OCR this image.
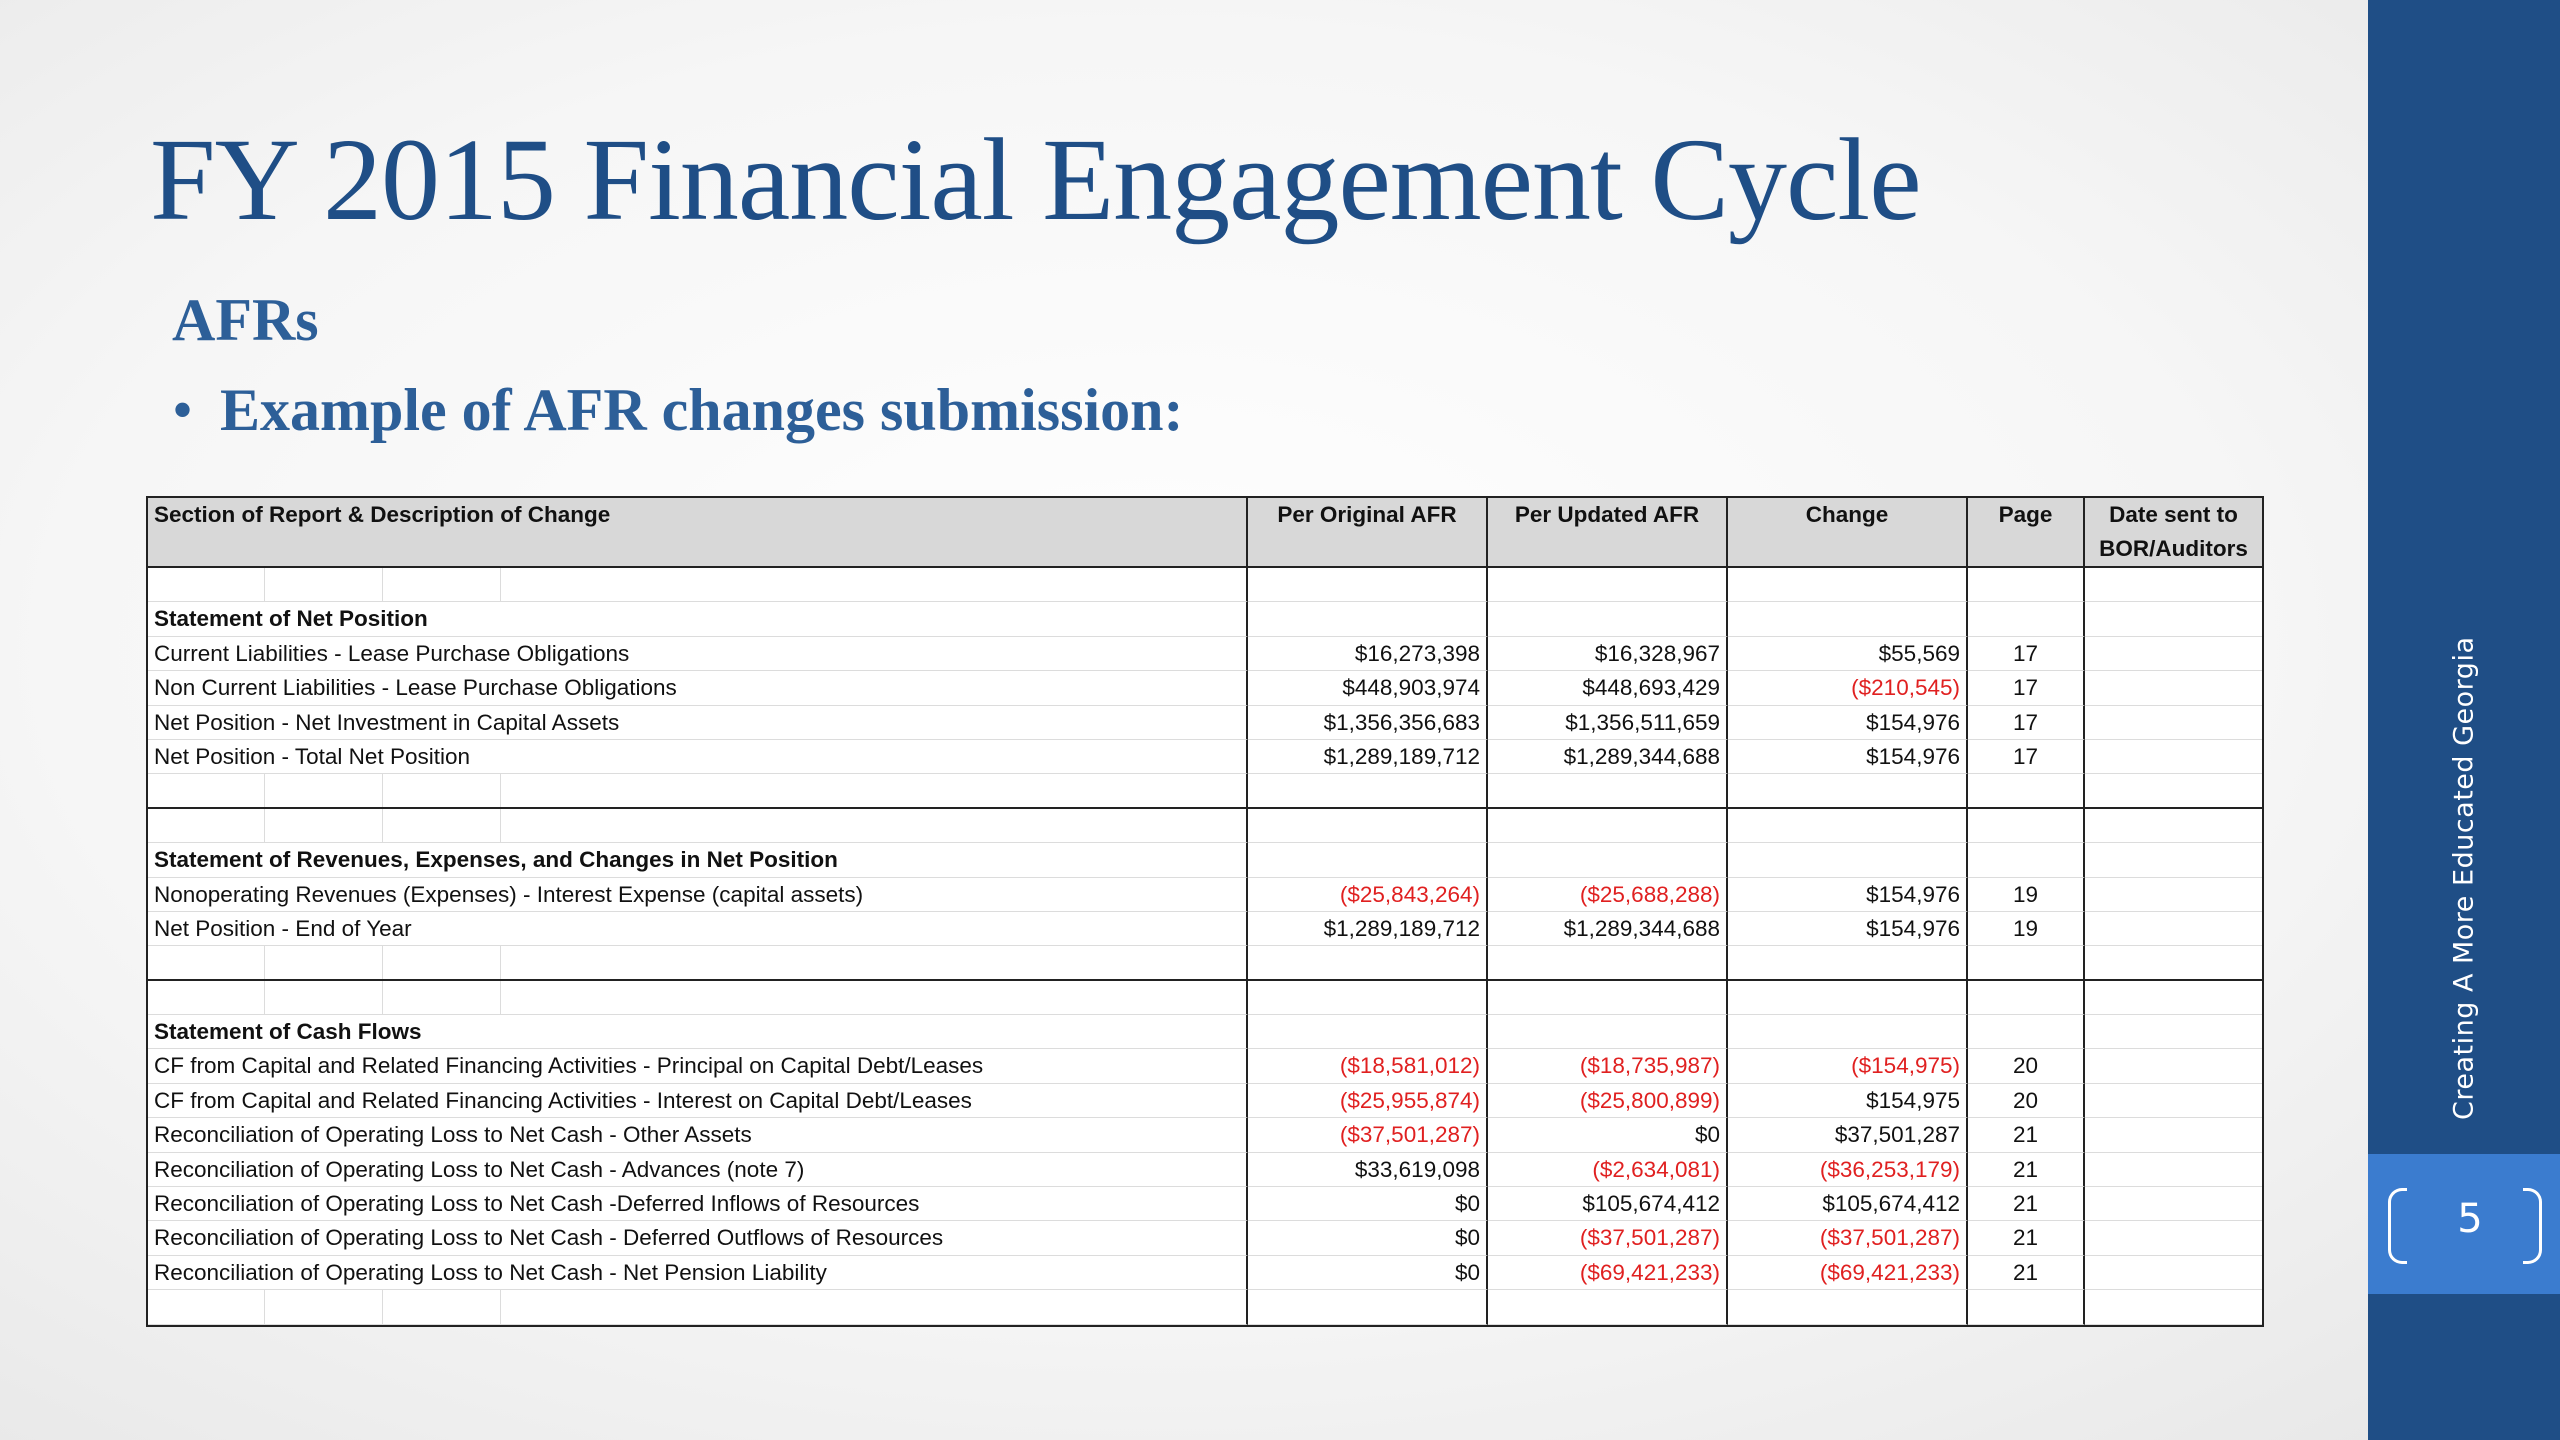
Creating A More Educated Georgia
5
FY 2015 Financial Engagement Cycle
AFRs
• Example of AFR changes submission:
Section of Report & Description of Change	Per Original AFR	Per Updated AFR	Change	Page	Date sent to BOR/Auditors
Statement of Net Position
Current Liabilities - Lease Purchase Obligations	$16,273,398	$16,328,967	$55,569	17
Non Current Liabilities - Lease Purchase Obligations	$448,903,974	$448,693,429	($210,545)	17
Net Position - Net Investment in Capital Assets	$1,356,356,683	$1,356,511,659	$154,976	17
Net Position - Total Net Position	$1,289,189,712	$1,289,344,688	$154,976	17
Statement of Revenues, Expenses, and Changes in Net Position
Nonoperating Revenues (Expenses) - Interest Expense (capital assets)	($25,843,264)	($25,688,288)	$154,976	19
Net Position - End of Year	$1,289,189,712	$1,289,344,688	$154,976	19
Statement of Cash Flows
CF from Capital and Related Financing Activities - Principal on Capital Debt/Leases	($18,581,012)	($18,735,987)	($154,975)	20
CF from Capital and Related Financing Activities - Interest on Capital Debt/Leases	($25,955,874)	($25,800,899)	$154,975	20
Reconciliation of Operating Loss to Net Cash - Other Assets	($37,501,287)	$0	$37,501,287	21
Reconciliation of Operating Loss to Net Cash - Advances (note 7)	$33,619,098	($2,634,081)	($36,253,179)	21
Reconciliation of Operating Loss to Net Cash -Deferred Inflows of Resources	$0	$105,674,412	$105,674,412	21
Reconciliation of Operating Loss to Net Cash - Deferred Outflows of Resources	$0	($37,501,287)	($37,501,287)	21
Reconciliation of Operating Loss to Net Cash - Net Pension Liability	$0	($69,421,233)	($69,421,233)	21
